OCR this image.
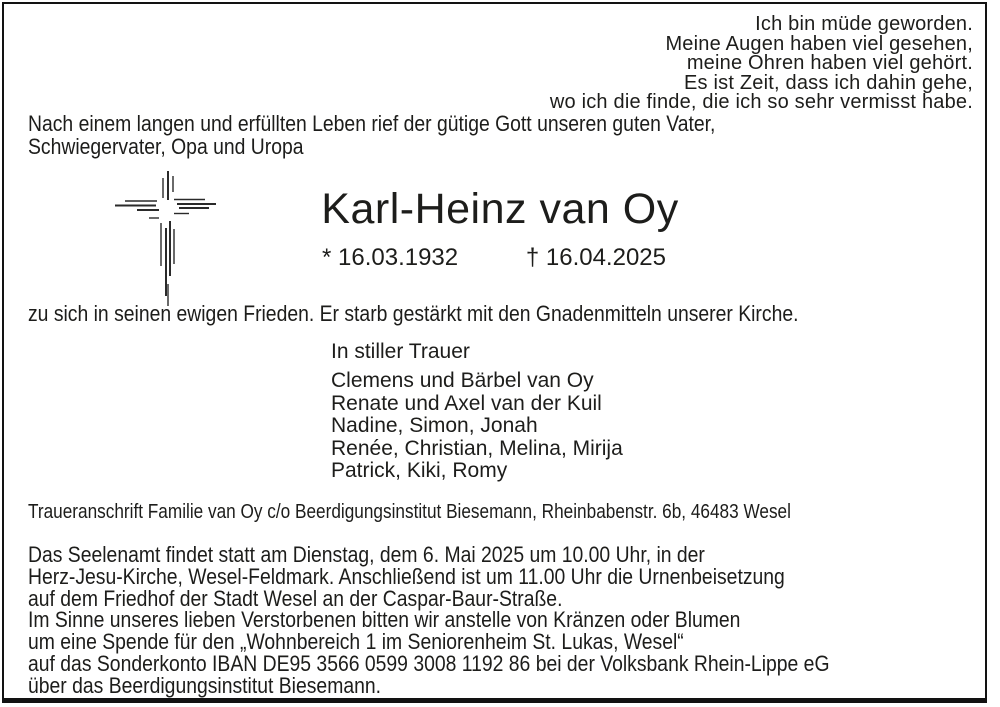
Ich bin müde geworden.
Meine Augen haben viel gesehen,
meine Ohren haben viel gehört.
Es ist Zeit, dass ich dahin gehe,
wo ich die finde, die ich so sehr vermisst habe.
Nach einem langen und erfüllten Leben rief der gütige Gott unseren guten Vater,
Schwiegervater, Opa und Uropa
Karl-Heinz van Oy
* 16.03.1932	† 16.04.2025
zu sich in seinen ewigen Frieden. Er starb gestärkt mit den Gnadenmitteln unserer Kirche.
In stiller Trauer
Clemens und Bärbel van Oy
Renate und Axel van der Kuil
Nadine, Simon, Jonah
Renée, Christian, Melina, Mirija
Patrick, Kiki, Romy
Traueranschrift Familie van Oy c/o Beerdigungsinstitut Biesemann, Rheinbabenstr. 6b, 46483 Wesel
Das Seelenamt findet statt am Dienstag, dem 6. Mai 2025 um 10.00 Uhr, in der
Herz-Jesu-Kirche, Wesel-Feldmark. Anschließend ist um 11.00 Uhr die Urnenbeisetzung
auf dem Friedhof der Stadt Wesel an der Caspar-Baur-Straße.
Im Sinne unseres lieben Verstorbenen bitten wir anstelle von Kränzen oder Blumen
um eine Spende für den „Wohnbereich 1 im Seniorenheim St. Lukas, Wesel“
auf das Sonderkonto IBAN DE95 3566 0599 3008 1192 86 bei der Volksbank Rhein-Lippe eG
über das Beerdigungsinstitut Biesemann.
